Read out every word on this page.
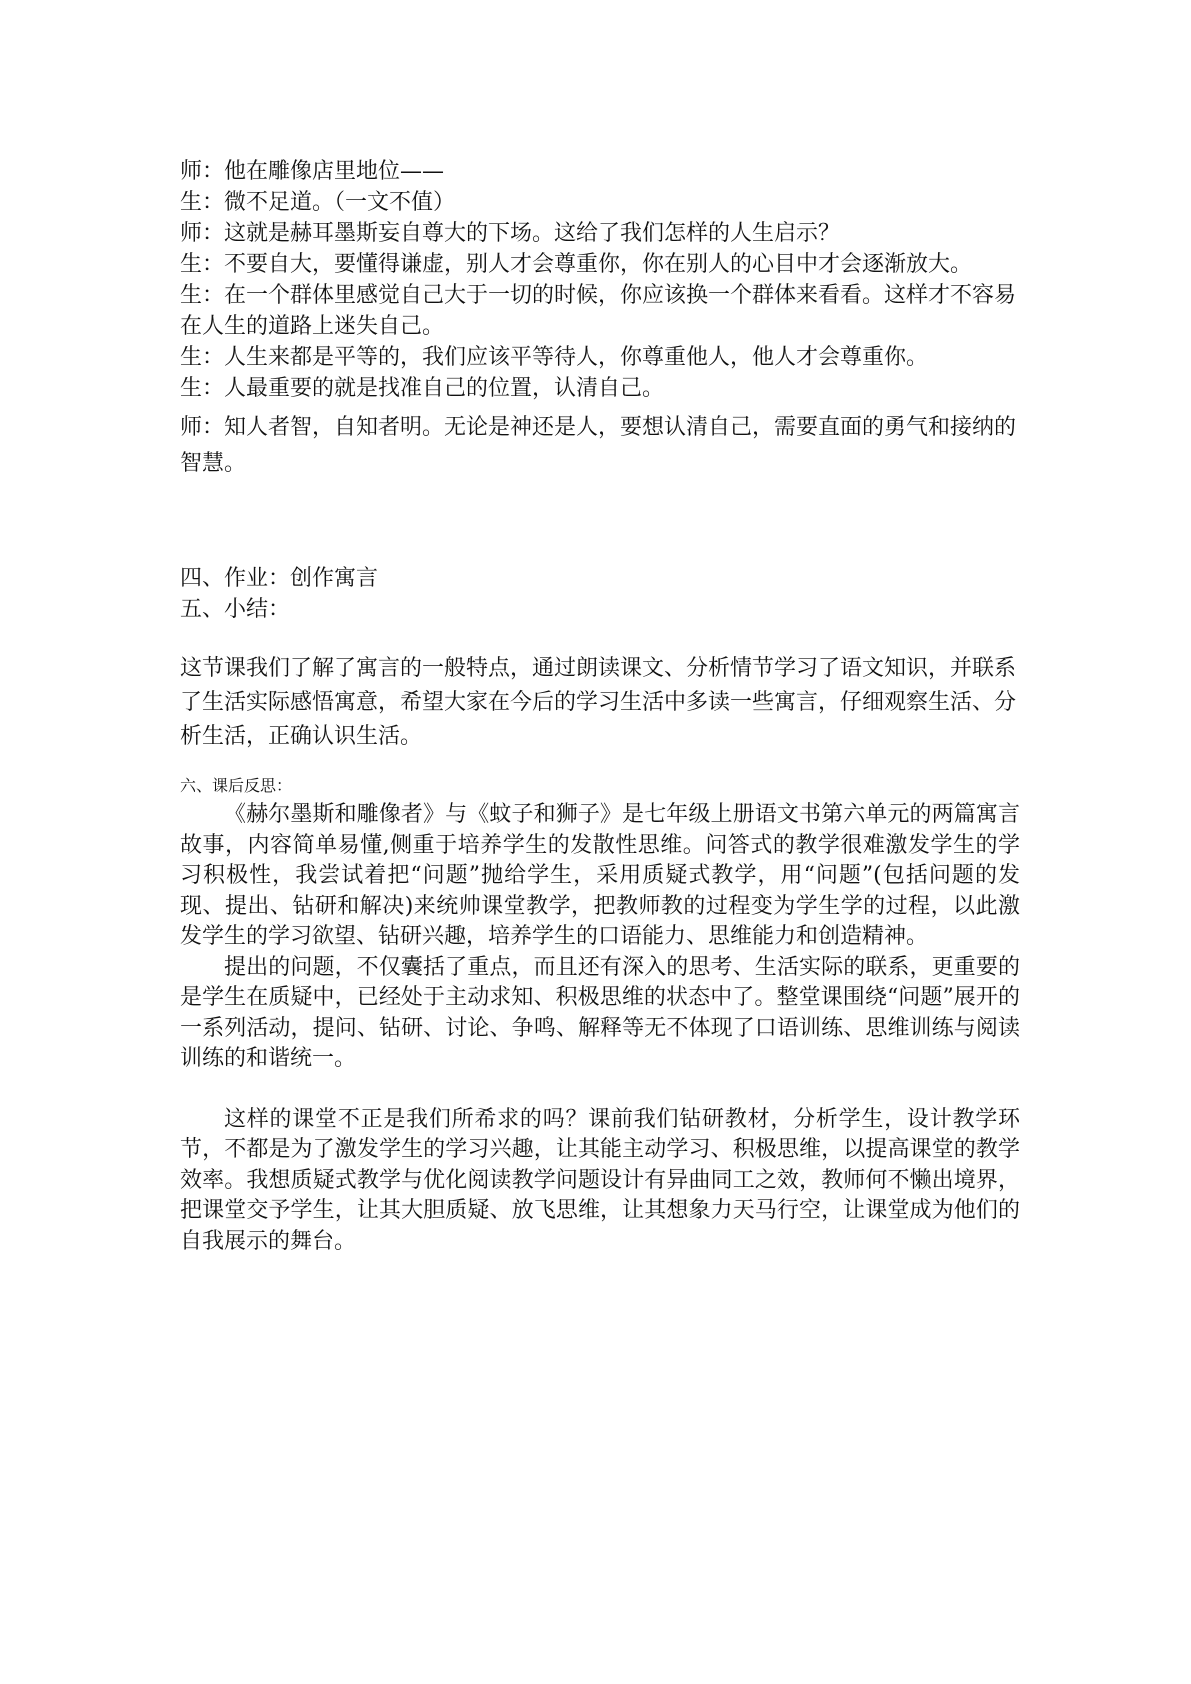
师：他在雕像店里地位——

生：微不足道。（一文不值）

师：这就是赫耳墨斯妄自尊大的下场。这给了我们怎样的人生启示？

生：不要自大，要懂得谦虚，别人才会尊重你，你在别人的心目中才会逐渐放大。

生：在一个群体里感觉自己大于一切的时候，你应该换一个群体来看看。这样才不容易在人生的道路上迷失自己。

生：人生来都是平等的，我们应该平等待人，你尊重他人，他人才会尊重你。

生：人最重要的就是找准自己的位置，认清自己。

师：知人者智，自知者明。无论是神还是人，要想认清自己，需要直面的勇气和接纳的智慧。

四、作业：创作寓言

五、小结：

这节课我们了解了寓言的一般特点，通过朗读课文、分析情节学习了语文知识，并联系了生活实际感悟寓意，希望大家在今后的学习生活中多读一些寓言，仔细观察生活、分析生活，正确认识生活。

六、课后反思：

《赫尔墨斯和雕像者》与《蚊子和狮子》是七年级上册语文书第六单元的两篇寓言故事，内容简单易懂,侧重于培养学生的发散性思维。问答式的教学很难激发学生的学习积极性，我尝试着把“问题”抛给学生，采用质疑式教学，用“问题”(包括问题的发现、提出、钻研和解决)来统帅课堂教学，把教师教的过程变为学生学的过程，以此激发学生的学习欲望、钻研兴趣，培养学生的口语能力、思维能力和创造精神。

提出的问题，不仅囊括了重点，而且还有深入的思考、生活实际的联系，更重要的是学生在质疑中，已经处于主动求知、积极思维的状态中了。整堂课围绕“问题”展开的一系列活动，提问、钻研、讨论、争鸣、解释等无不体现了口语训练、思维训练与阅读训练的和谐统一。

这样的课堂不正是我们所希求的吗？课前我们钻研教材，分析学生，设计教学环节，不都是为了激发学生的学习兴趣，让其能主动学习、积极思维，以提高课堂的教学效率。我想质疑式教学与优化阅读教学问题设计有异曲同工之效，教师何不懒出境界，把课堂交予学生，让其大胆质疑、放飞思维，让其想象力天马行空，让课堂成为他们的自我展示的舞台。
